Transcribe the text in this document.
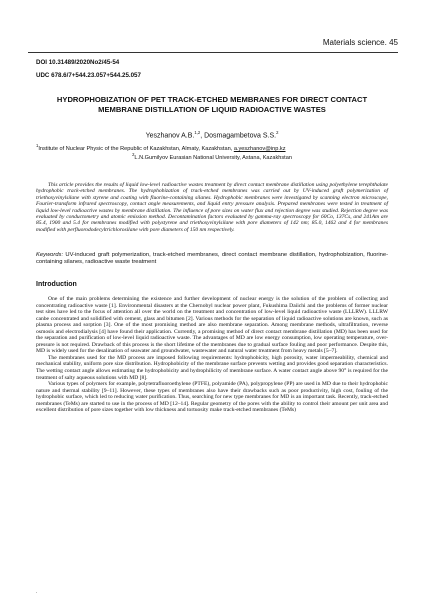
Materials science. 45
DOI 10.31489/2020No2/45-54
UDC 678.6/7+544.23.057+544.25.057
HYDROPHOBIZATION OF PET TRACK-ETCHED MEMBRANES FOR DIRECT CONTACT MEMBRANE DISTILLATION OF LIQUID RADIOACTIVE WASTES
Yeszhanov A.B.$^{1,2}$, Dosmagambetova S.S.$^2$
$^1$Institute of Nuclear Physic of the Republic of Kazakhstan, Almaty, Kazakhstan, a.yeszhanov@inp.kz
$^2$L.N.Gumilyov Eurasian National University, Astana, Kazakhstan
This article provides the results of liquid low-level radioactive wastes treatment by direct contact membrane distillation using polyethylene terephthalate hydrophobic track-etched membranes. The hydrophobization of track-etched membranes was carried out by UV-induced graft polymerization of triethoxyvinylsilane with styrene and coating with fluorine-containing silanes. Hydrophobic membranes were investigated by scanning electron microscope, Fourier-transform infrared spectroscopy, contact angle measurements, and liquid entry pressure analysis. Prepared membranes were tested in treatment of liquid low-level radioactive wastes by membrane distillation. The influence of pore sizes on water flux and rejection degree was studied. Rejection degree was evaluated by conductometry and atomic emission method. Decontamination factors evaluated by gamma-ray spectroscopy for 60Co, 137Cs, and 241Am are 85.4, 1900 and 5.4 for membranes modified with polystyrene and triethoxyvinylsilane with pore diameters of 142 nm; 85.0, 1462 and 4 for membranes modified with perfluorododecyltrichlorosilane with pore diameters of 150 nm respectively.
Keywords: UV-induced graft polymerization, track-etched membranes, direct contact membrane distillation, hydrophobization, fluorine-containing silanes, radioactive waste treatment
Introduction

One of the main problems determining the existence and further development of nuclear energy is the solution of the problem of collecting and concentrating radioactive waste [1]. Environmental disasters at the Chernobyl nuclear power plant, Fukushima Daiichi and the problems of former nuclear test sites have led to the focus of attention all over the world on the treatment and concentration of low-level liquid radioactive waste (LLLRW). LLLRW canbe concentrated and solidified with cement, glass and bitumen [2]. Various methods for the separation of liquid radioactive solutions are known, such as plasma process and sorption [3]. One of the most promising method are also membrane separation. Among membrane methods, ultrafiltration, reverse osmosis and electrodialysis [4] have found their application. Currently, a promising method of direct contact membrane distillation (MD) has been used for the separation and purification of low-level liquid radioactive waste. The advantages of MD are low energy consumption, low operating temperature, over-pressure is not required. Drawback of this process is the short lifetime of the membranes due to gradual surface fouling and poor performance. Despite this, MD is widely used for the desalination of seawater and groundwater, wastewater and natural water treatment from heavy metals [5–7].

The membranes used for the MD process are imposed following requirements: hydrophobicity, high porosity, water impermeability, chemical and mechanical stability, uniform pore size distribution. Hydrophobicity of the membrane surface prevents wetting and provides good separation characteristics. The wetting contact angle allows estimating the hydrophobicity and hydrophilicity of membrane surface. A water contact angle above 90° is required for the treatment of salty aqueous solutions with MD [8].

Various types of polymers for example, polytetrafluoroethylene (PTFE), polyamide (PA), polypropylene (PP) are used in MD due to their hydrophobic nature and thermal stability [9–11]. However, these types of membranes also have their drawbacks such as poor productivity, high cost, fouling of the hydrophobic surface, which led to reducing water purification. Thus, searching for new type membranes for MD is an important task. Recently, track-etched membranes (TeMs) are started to use in the process of MD [12–14]. Regular geometry of the pores with the ability to control their amount per unit area and excellent distribution of pore sizes together with low thickness and tortuosity make track-etched membranes (TeMs)

.
